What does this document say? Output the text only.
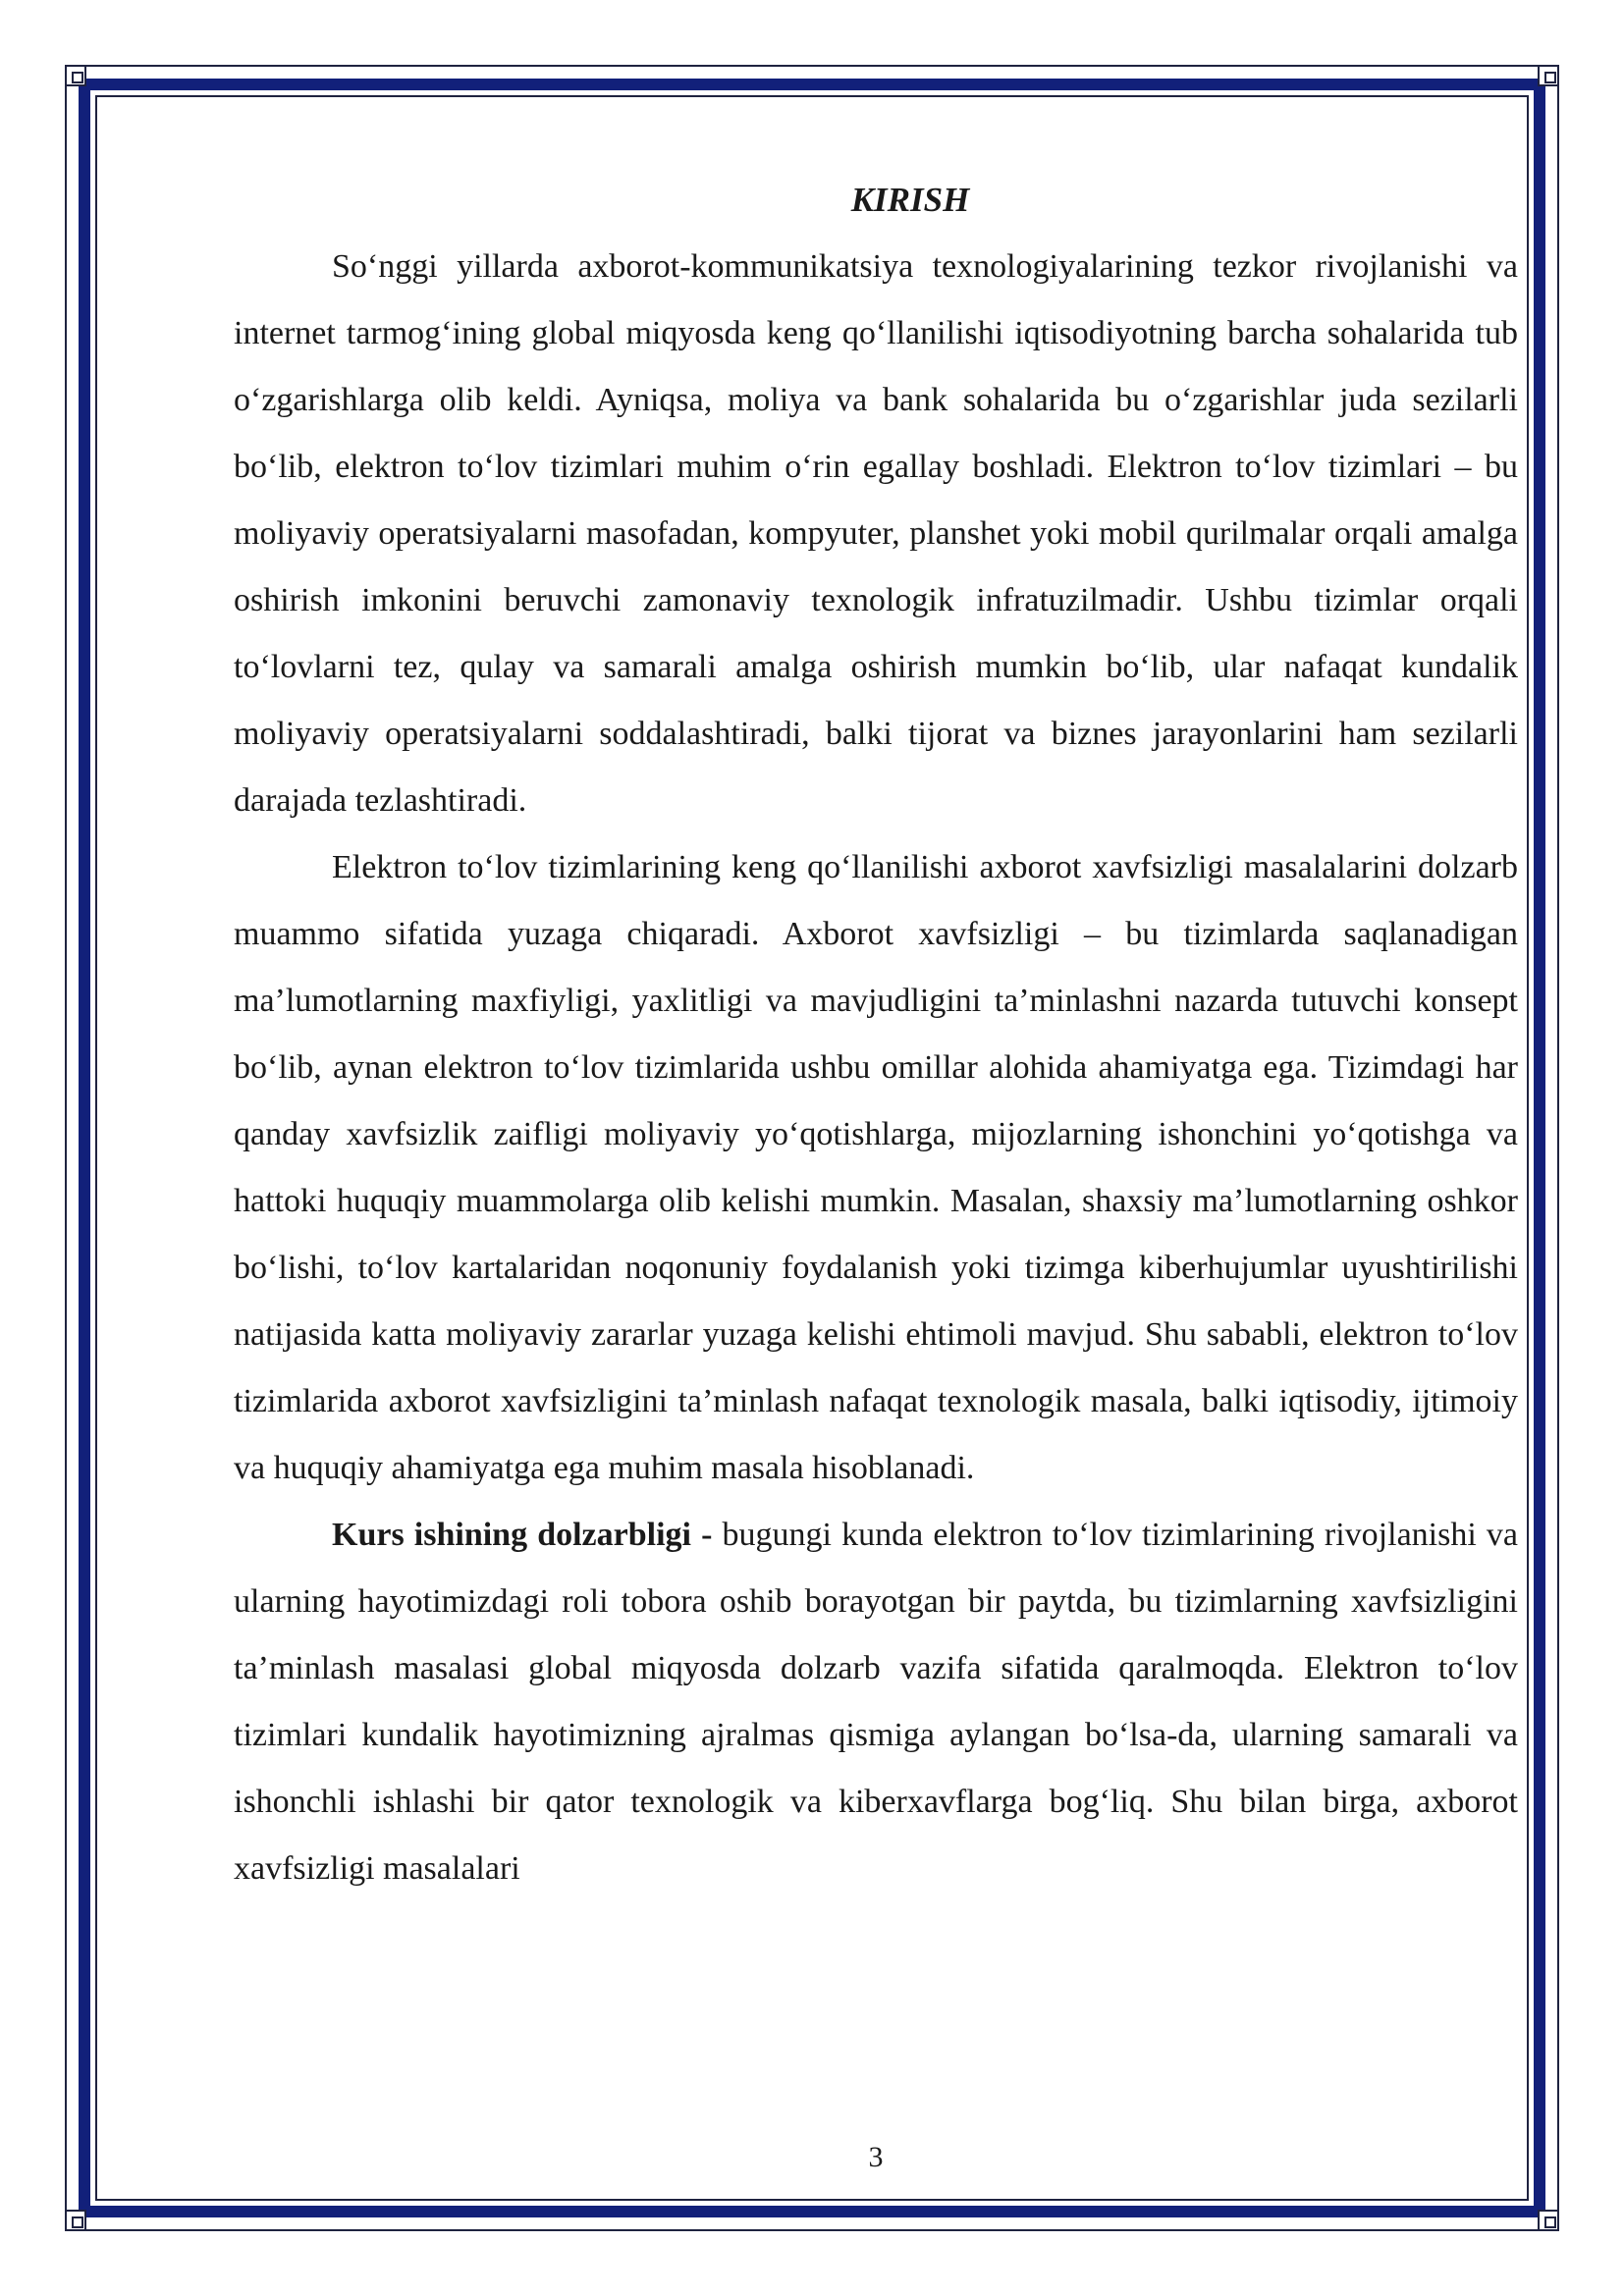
KIRISH

So‘nggi yillarda axborot-kommunikatsiya texnologiyalarining tezkor rivojlanishi va internet tarmog‘ining global miqyosda keng qo‘llanilishi iqtisodiyotning barcha sohalarida tub o‘zgarishlarga olib keldi. Ayniqsa, moliya va bank sohalarida bu o‘zgarishlar juda sezilarli bo‘lib, elektron to‘lov tizimlari muhim o‘rin egallay boshladi. Elektron to‘lov tizimlari – bu moliyaviy operatsiyalarni masofadan, kompyuter, planshet yoki mobil qurilmalar orqali amalga oshirish imkonini beruvchi zamonaviy texnologik infratuzilmadir. Ushbu tizimlar orqali to‘lovlarni tez, qulay va samarali amalga oshirish mumkin bo‘lib, ular nafaqat kundalik moliyaviy operatsiyalarni soddalashtiradi, balki tijorat va biznes jarayonlarini ham sezilarli darajada tezlashtiradi.

Elektron to‘lov tizimlarining keng qo‘llanilishi axborot xavfsizligi masalalarini dolzarb muammo sifatida yuzaga chiqaradi. Axborot xavfsizligi – bu tizimlarda saqlanadigan ma’lumotlarning maxfiyligi, yaxlitligi va mavjudligini ta’minlashni nazarda tutuvchi konsept bo‘lib, aynan elektron to‘lov tizimlarida ushbu omillar alohida ahamiyatga ega. Tizimdagi har qanday xavfsizlik zaifligi moliyaviy yo‘qotishlarga, mijozlarning ishonchini yo‘qotishga va hattoki huquqiy muammolarga olib kelishi mumkin. Masalan, shaxsiy ma’lumotlarning oshkor bo‘lishi, to‘lov kartalaridan noqonuniy foydalanish yoki tizimga kiberhujumlar uyushtirilishi natijasida katta moliyaviy zararlar yuzaga kelishi ehtimoli mavjud. Shu sababli, elektron to‘lov tizimlarida axborot xavfsizligini ta’minlash nafaqat texnologik masala, balki iqtisodiy, ijtimoiy va huquqiy ahamiyatga ega muhim masala hisoblanadi.

Kurs ishining dolzarbligi - bugungi kunda elektron to‘lov tizimlarining rivojlanishi va ularning hayotimizdagi roli tobora oshib borayotgan bir paytda, bu tizimlarning xavfsizligini ta’minlash masalasi global miqyosda dolzarb vazifa sifatida qaralmoqda. Elektron to‘lov tizimlari kundalik hayotimizning ajralmas qismiga aylangan bo‘lsa-da, ularning samarali va ishonchli ishlashi bir qator texnologik va kiberxavflarga bog‘liq. Shu bilan birga, axborot xavfsizligi masalalari

3
